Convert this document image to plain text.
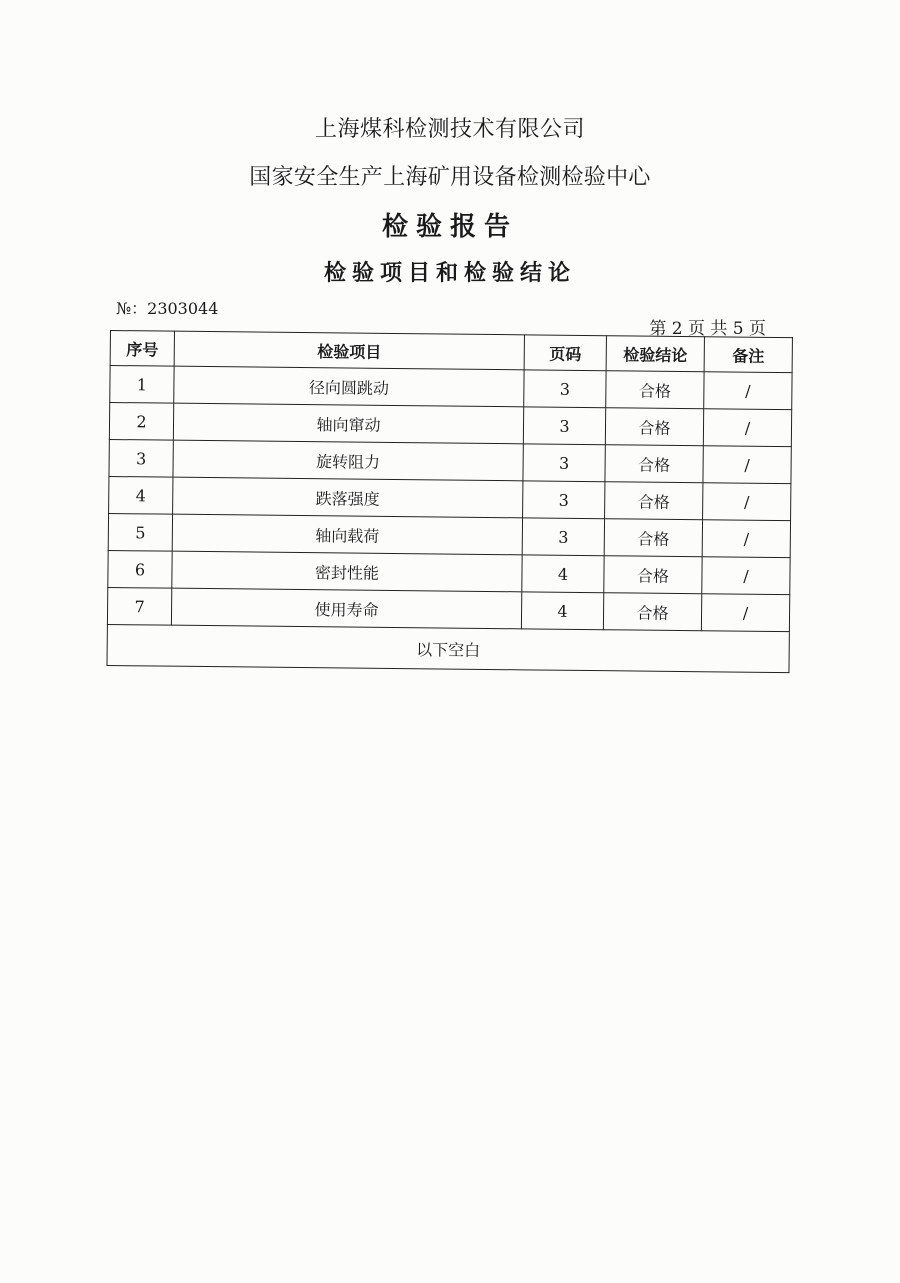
上海煤科检测技术有限公司
国家安全生产上海矿用设备检测检验中心
检验报告
检验项目和检验结论
№：2303044
第 2 页 共 5 页
序号	检验项目	页码	检验结论	备注
1	径向圆跳动	3	合格	/
2	轴向窜动	3	合格	/
3	旋转阻力	3	合格	/
4	跌落强度	3	合格	/
5	轴向载荷	3	合格	/
6	密封性能	4	合格	/
7	使用寿命	4	合格	/
以下空白				
